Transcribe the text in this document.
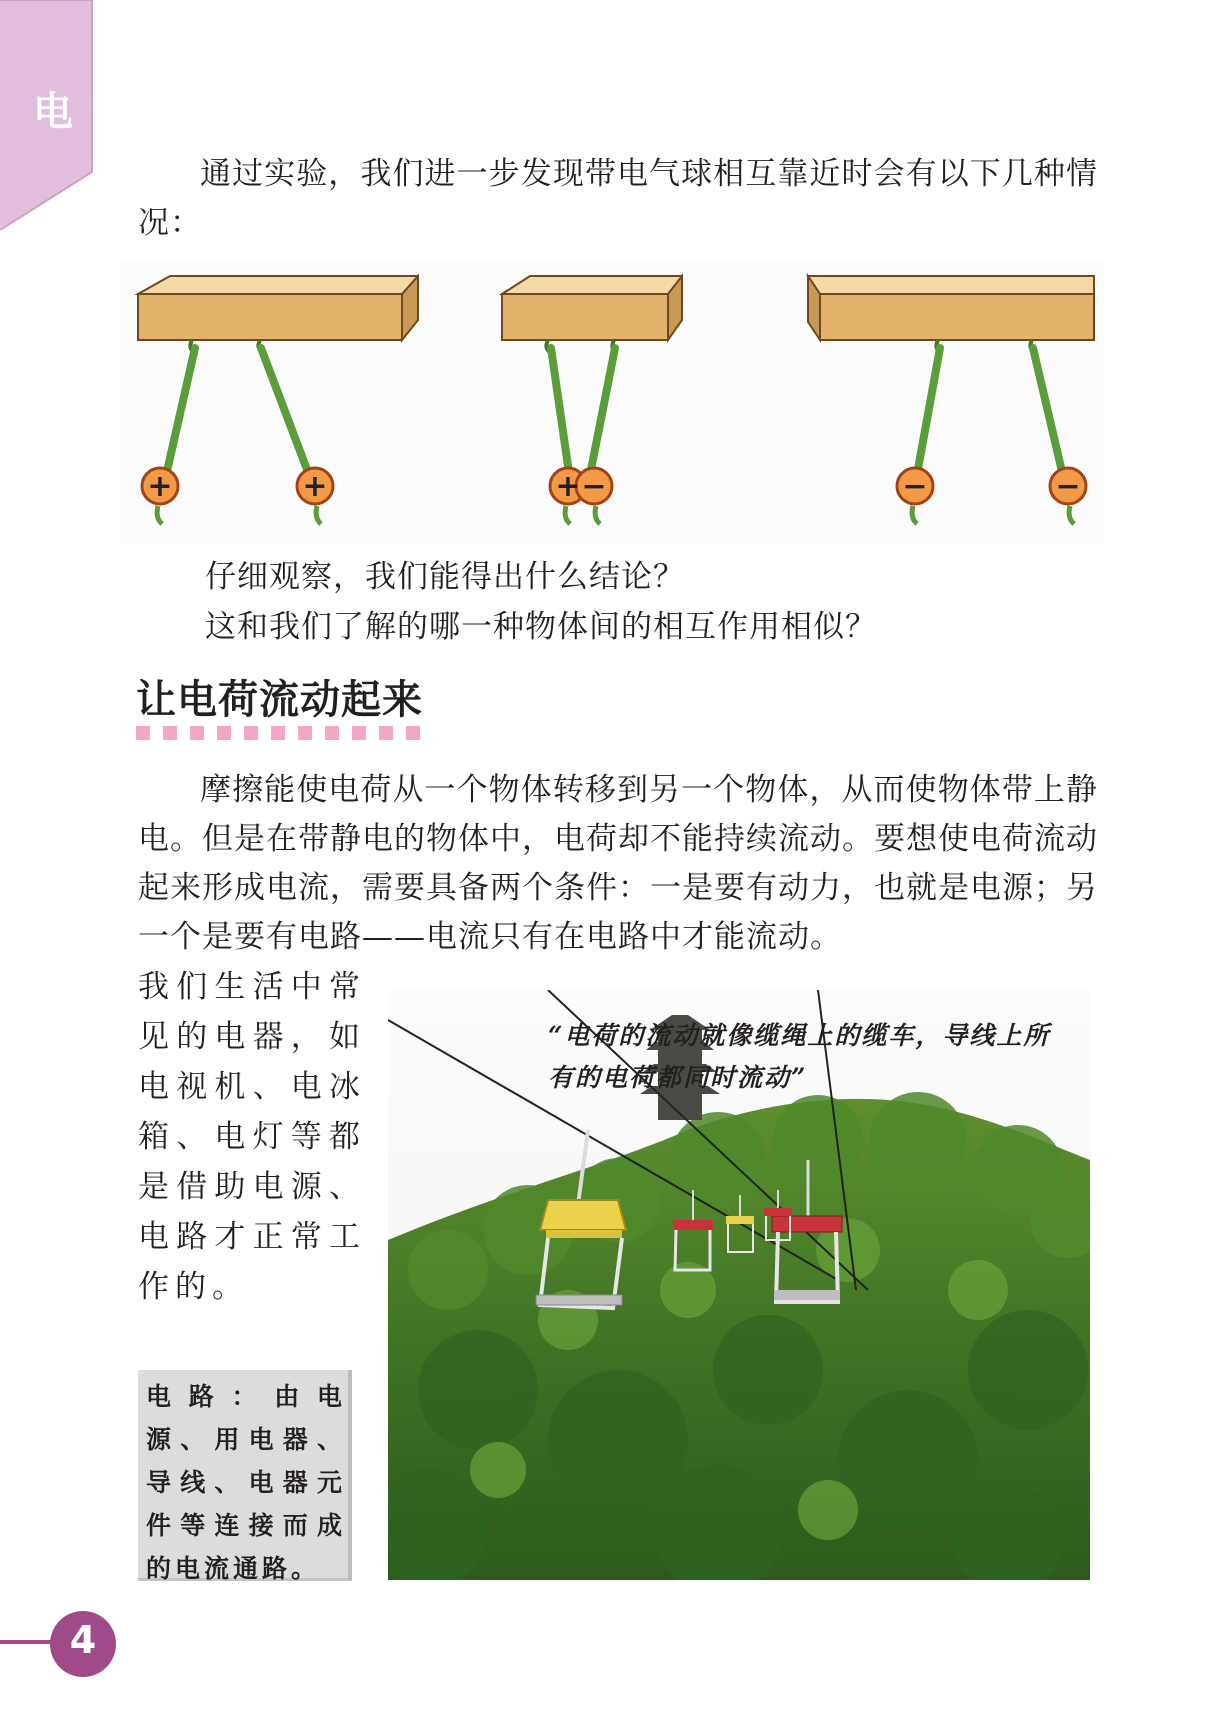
电

通过实验，我们进一步发现带电气球相互靠近时会有以下几种情况：

+	+	+ −	−	−

仔细观察，我们能得出什么结论？

这和我们了解的哪一种物体间的相互作用相似？

让电荷流动起来

摩擦能使电荷从一个物体转移到另一个物体，从而使物体带上静电。但是在带静电的物体中，电荷却不能持续流动。要想使电荷流动起来形成电流，需要具备两个条件：一是要有动力，也就是电源；另一个是要有电路——电流只有在电路中才能流动。

我们生活中常见的电器，如电视机、电冰箱、电灯等都是借助电源、电路才正常工作的。

电路：由电源、用电器、导线、电器元件等连接而成的电流通路。
“电荷的流动就像缆绳上的缆车，导线上所有的电荷都同时流动”
4
